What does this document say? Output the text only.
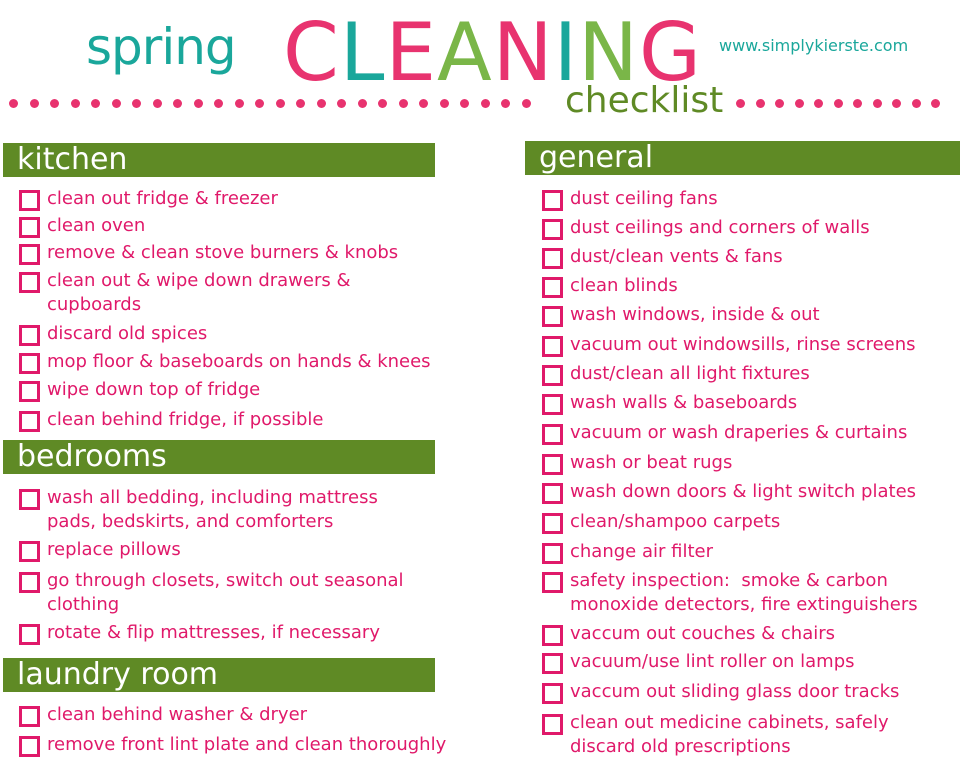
spring CLEANING www.simplykierste.com
checklist
kitchen
bedrooms
laundry room
general
clean out fridge & freezer
clean oven
remove & clean stove burners & knobs
clean out & wipe down drawers &
cupboards
discard old spices
mop floor & baseboards on hands & knees
wipe down top of fridge
clean behind fridge, if possible
wash all bedding, including mattress
pads, bedskirts, and comforters
replace pillows
go through closets, switch out seasonal
clothing
rotate & flip mattresses, if necessary
clean behind washer & dryer
remove front lint plate and clean thoroughly
dust ceiling fans
dust ceilings and corners of walls
dust/clean vents & fans
clean blinds
wash windows, inside & out
vacuum out windowsills, rinse screens
dust/clean all light fixtures
wash walls & baseboards
vacuum or wash draperies & curtains
wash or beat rugs
wash down doors & light switch plates
clean/shampoo carpets
change air filter
safety inspection:  smoke & carbon
monoxide detectors, fire extinguishers
vaccum out couches & chairs
vacuum/use lint roller on lamps
vaccum out sliding glass door tracks
clean out medicine cabinets, safely
discard old prescriptions
